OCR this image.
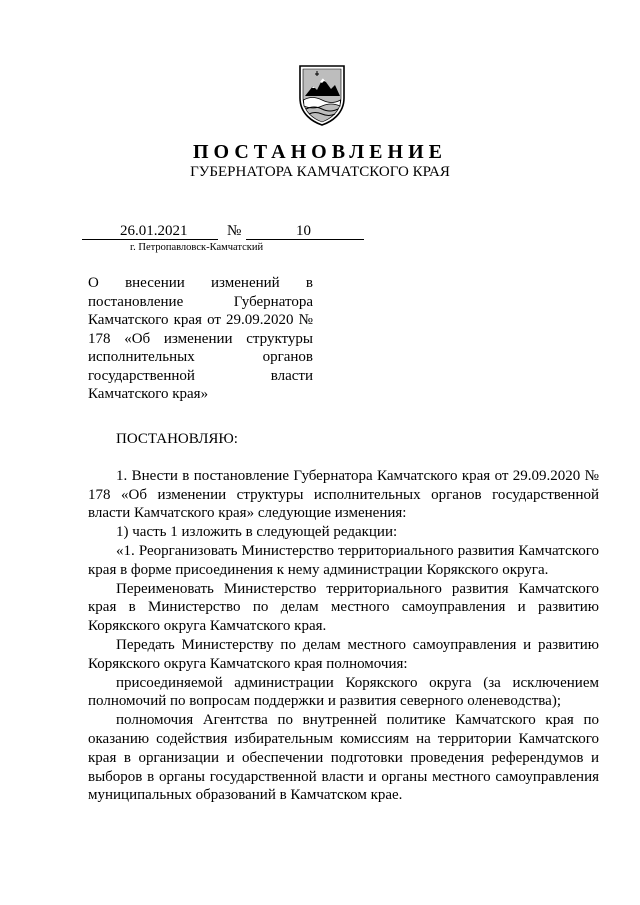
ПОСТАНОВЛЕНИЕ
ГУБЕРНАТОРА КАМЧАТСКОГО КРАЯ
26.01.2021	№	10
г. Петропавловск-Камчатский
О внесении изменений в постановление Губернатора Камчатского края от 29.09.2020 № 178 «Об изменении структуры исполнительных органов государственной власти Камчатского края»

ПОСТАНОВЛЯЮ:

1. Внести в постановление Губернатора Камчатского края от 29.09.2020 № 178 «Об изменении структуры исполнительных органов государственной власти Камчатского края» следующие изменения:

1) часть 1 изложить в следующей редакции:

«1. Реорганизовать Министерство территориального развития Камчатского края в форме присоединения к нему администрации Корякского округа.

Переименовать Министерство территориального развития Камчатского края в Министерство по делам местного самоуправления и развитию Корякского округа Камчатского края.

Передать Министерству по делам местного самоуправления и развитию Корякского округа Камчатского края полномочия:

присоединяемой администрации Корякского округа (за исключением полномочий по вопросам поддержки и развития северного оленеводства);

полномочия Агентства по внутренней политике Камчатского края по оказанию содействия избирательным комиссиям на территории Камчатского края в организации и обеспечении подготовки проведения референдумов и выборов в органы государственной власти и органы местного самоуправления муниципальных образований в Камчатском крае.
